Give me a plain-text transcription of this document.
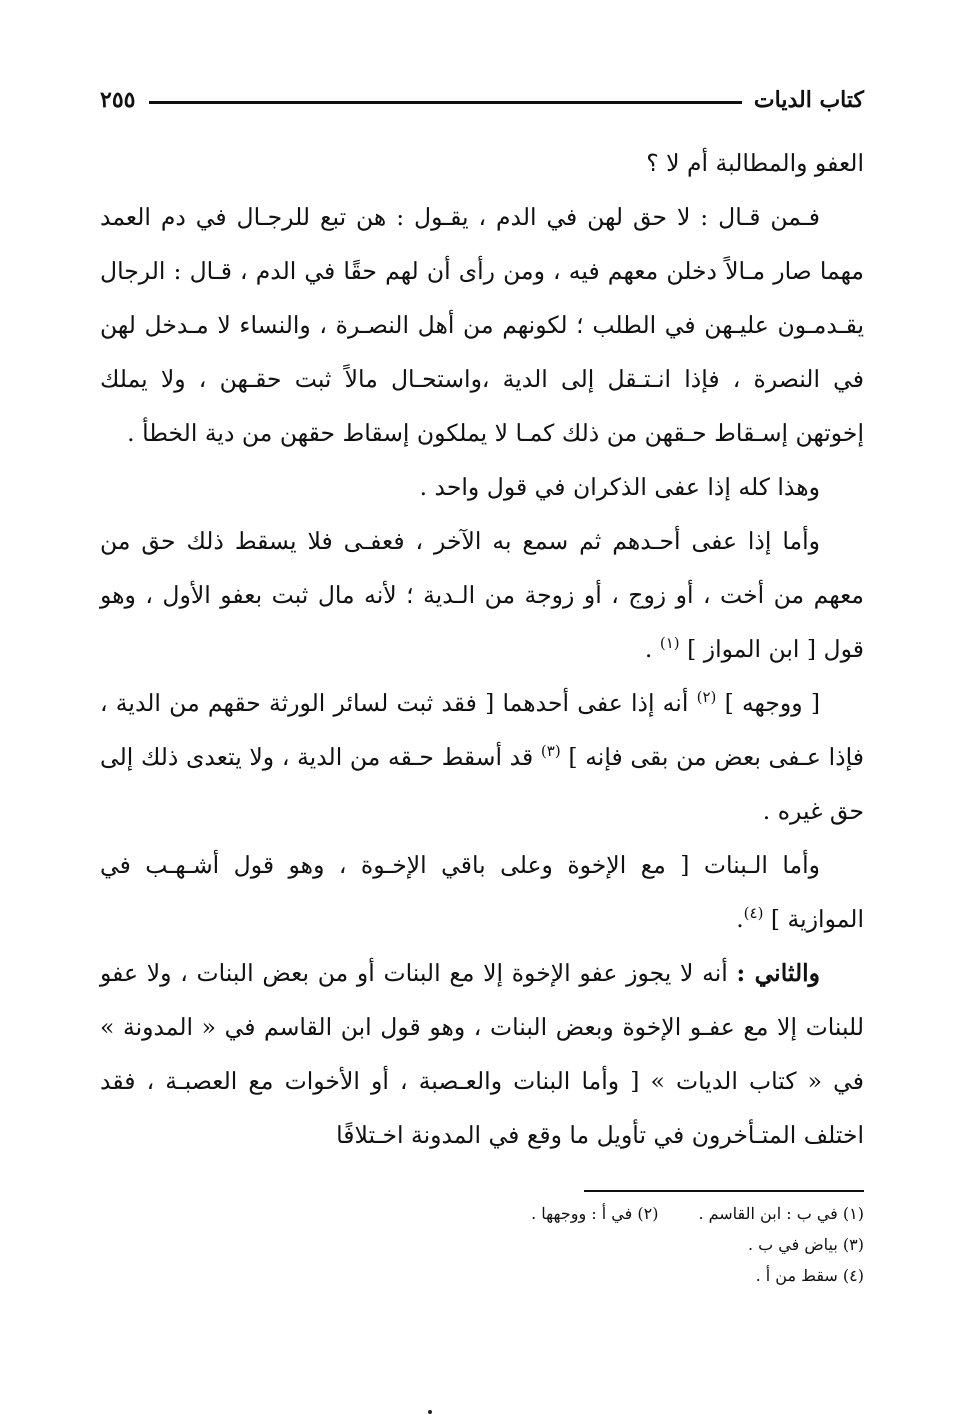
كتاب الديات
٢٥٥

العفو والمطالبة أم لا ؟

فـمن قـال : لا حق لهن في الدم ، يقـول : هن تبع للرجـال في دم العمد مهما صار مـالاً دخلن معهم فيه ، ومن رأى أن لهم حقًا في الدم ، قـال : الرجال يقـدمـون عليـهن في الطلب ؛ لكونهم من أهل النصـرة ، والنساء لا مـدخل لهن في النصرة ، فإذا انـتـقل إلى الدية ،واستحـال مالاً ثبت حقـهن ، ولا يملك إخوتهن إسـقاط حـقهن من ذلك كمـا لا يملكون إسقاط حقهن من دية الخطأ .

وهذا كله إذا عفى الذكران في قول واحد .

وأما إذا عفى أحـدهم ثم سمع به الآخر ، فعفـى فلا يسقط ذلك حق من معهم من أخت ، أو زوج ، أو زوجة من الـدية ؛ لأنه مال ثبت بعفو الأول ، وهو قول [ ابن المواز ] $^{(١)}$ .

[ ووجهه ] $^{(٢)}$ أنه إذا عفى أحدهما [ فقد ثبت لسائر الورثة حقهم من الدية ، فإذا عـفى بعض من بقى فإنه ] $^{(٣)}$ قد أسقط حـقه من الدية ، ولا يتعدى ذلك إلى حق غيره .

وأما الـبنات [ مع الإخوة وعلى باقي الإخـوة ، وهو قول أشـهـب في الموازية ] $^{(٤)}$.

والثاني : أنه لا يجوز عفو الإخوة إلا مع البنات أو من بعض البنات ، ولا عفو للبنات إلا مع عفـو الإخوة وبعض البنات ، وهو قول ابن القاسم في « المدونة » في « كتاب الديات » [ وأما البنات والعـصبة ، أو الأخوات مع العصبـة ، فقد اختلف المتـأخرون في تأويل ما وقع في المدونة اخـتلافًا

(١) في ب : ابن القاسم .(٢) في أ : ووجهها .
(٣) بياض في ب .
(٤) سقط من أ .
